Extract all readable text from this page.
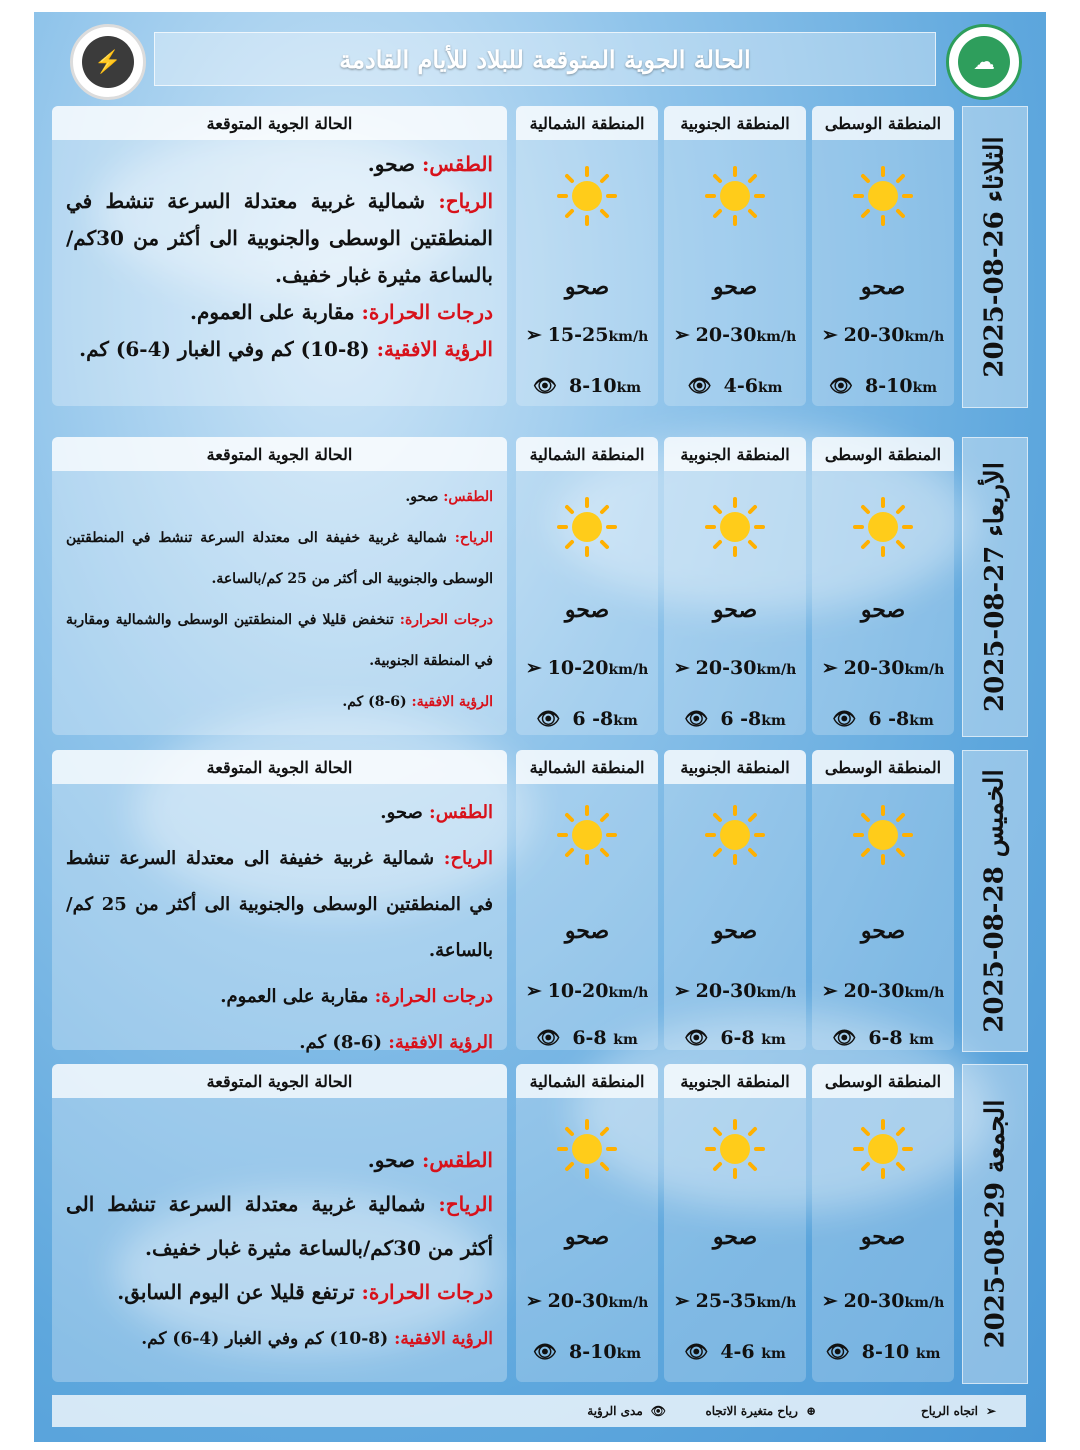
⚡	☁
الحالة الجوية المتوقعة للبلاد للأيام القادمة
الثلاثاء 26-08-2025
المنطقة الوسطى
صحو
➢ 20-30km/h
👁 8-10km
المنطقة الجنوبية
صحو
➢ 20-30km/h
👁 4-6km
المنطقة الشمالية
صحو
➢ 15-25km/h
👁 8-10km
الحالة الجوية المتوقعة

الطقس: صحو.

الرياح: شمالية غربية معتدلة السرعة تنشط في المنطقتين الوسطى والجنوبية الى أكثر من 30كم/بالساعة مثيرة غبار خفيف.

درجات الحرارة: مقاربة على العموم.

الرؤية الافقية: (8-10) كم وفي الغبار (4-6) كم.

الأربعاء 27-08-2025
المنطقة الوسطى
صحو
➢ 20-30km/h
👁 6 -8km
المنطقة الجنوبية
صحو
➢ 20-30km/h
👁 6 -8km
المنطقة الشمالية
صحو
➢ 10-20km/h
👁 6 -8km
الحالة الجوية المتوقعة

الطقس: صحو.

الرياح: شمالية غربية خفيفة الى معتدلة السرعة تنشط في المنطقتين الوسطى والجنوبية الى أكثر من 25 كم/بالساعة.

درجات الحرارة: تنخفض قليلا في المنطقتين الوسطى والشمالية ومقاربة في المنطقة الجنوبية.

الرؤية الافقية: (6-8) كم.

الخميس 28-08-2025
المنطقة الوسطى
صحو
➢ 20-30km/h
👁 6-8 km
المنطقة الجنوبية
صحو
➢ 20-30km/h
👁 6-8 km
المنطقة الشمالية
صحو
➢ 10-20km/h
👁 6-8 km
الحالة الجوية المتوقعة

الطقس: صحو.

الرياح: شمالية غربية خفيفة الى معتدلة السرعة تنشط في المنطقتين الوسطى والجنوبية الى أكثر من 25 كم/بالساعة.

درجات الحرارة: مقاربة على العموم.

الرؤية الافقية: (6-8) كم.

الجمعة 29-08-2025
المنطقة الوسطى
صحو
➢ 20-30km/h
👁 8-10 km
المنطقة الجنوبية
صحو
➢ 25-35km/h
👁 4-6 km
المنطقة الشمالية
صحو
➢ 20-30km/h
👁 8-10km
الحالة الجوية المتوقعة

الطقس: صحو.

الرياح: شمالية غربية معتدلة السرعة تنشط الى أكثر من 30كم/بالساعة مثيرة غبار خفيف.

درجات الحرارة: ترتفع قليلا عن اليوم السابق.

الرؤية الافقية: (8-10) كم وفي الغبار (4-6) كم.

➢
اتجاه الرياح
⊕
رياح متغيرة الاتجاه
👁
مدى الرؤية
